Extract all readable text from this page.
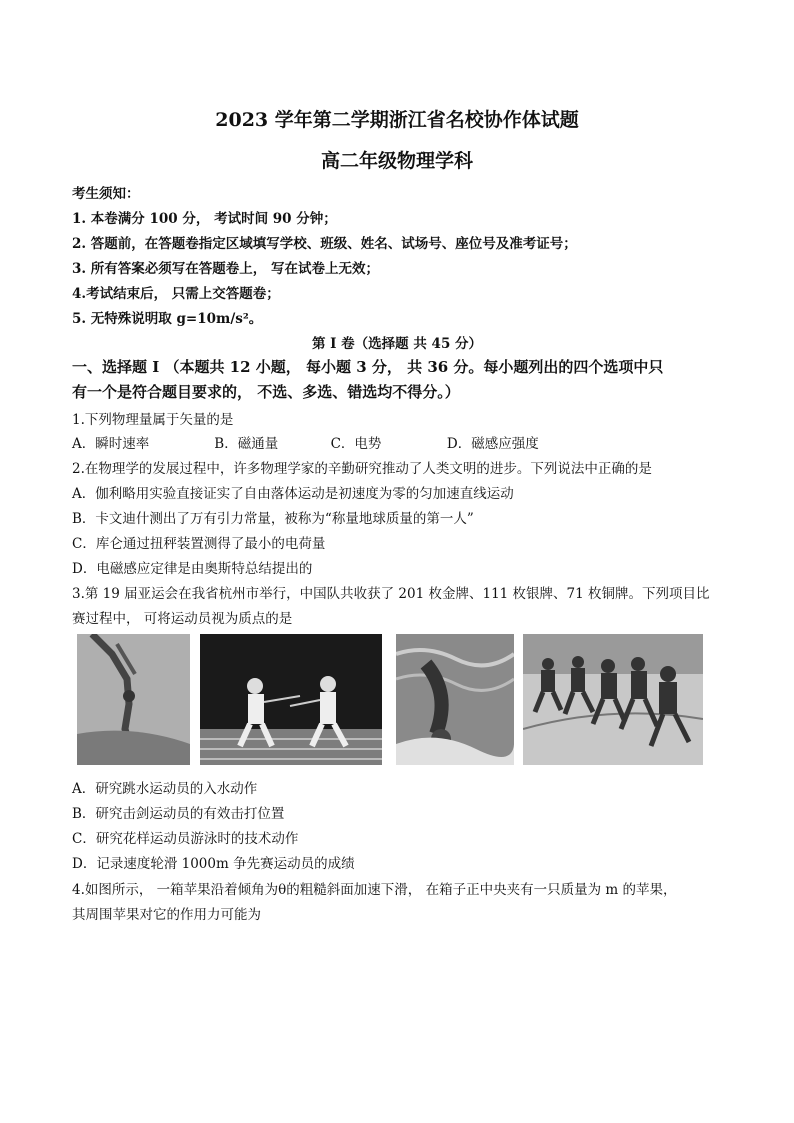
2023 学年第二学期浙江省名校协作体试题
高二年级物理学科
考生须知：
1. 本卷满分 100 分， 考试时间 90 分钟；
2. 答题前，在答题卷指定区域填写学校、班级、姓名、试场号、座位号及准考证号；
3. 所有答案必须写在答题卷上， 写在试卷上无效；
4.考试结束后， 只需上交答题卷；
5. 无特殊说明取 g=10m/s²。
第 Ⅰ 卷（选择题 共 45 分）
一、选择题 Ⅰ （本题共 12 小题， 每小题 3 分， 共 36 分。每小题列出的四个选项中只
有一个是符合题目要求的， 不选、多选、错选均不得分。）
1.下列物理量属于矢量的是
A．瞬时速率	B．磁通量	C．电势	D．磁感应强度
2.在物理学的发展过程中，许多物理学家的辛勤研究推动了人类文明的进步。下列说法中正确的是
A．伽利略用实验直接证实了自由落体运动是初速度为零的匀加速直线运动
B．卡文迪什测出了万有引力常量，被称为“称量地球质量的第一人”
C．库仑通过扭秤装置测得了最小的电荷量
D．电磁感应定律是由奥斯特总结提出的
3.第 19 届亚运会在我省杭州市举行，中国队共收获了 201 枚金牌、111 枚银牌、71 枚铜牌。下列项目比
赛过程中， 可将运动员视为质点的是
A．研究跳水运动员的入水动作
B．研究击剑运动员的有效击打位置
C．研究花样运动员游泳时的技术动作
D．记录速度轮滑 1000m 争先赛运动员的成绩
4.如图所示， 一箱苹果沿着倾角为θ的粗糙斜面加速下滑， 在箱子正中央夹有一只质量为 m 的苹果，
其周围苹果对它的作用力可能为
